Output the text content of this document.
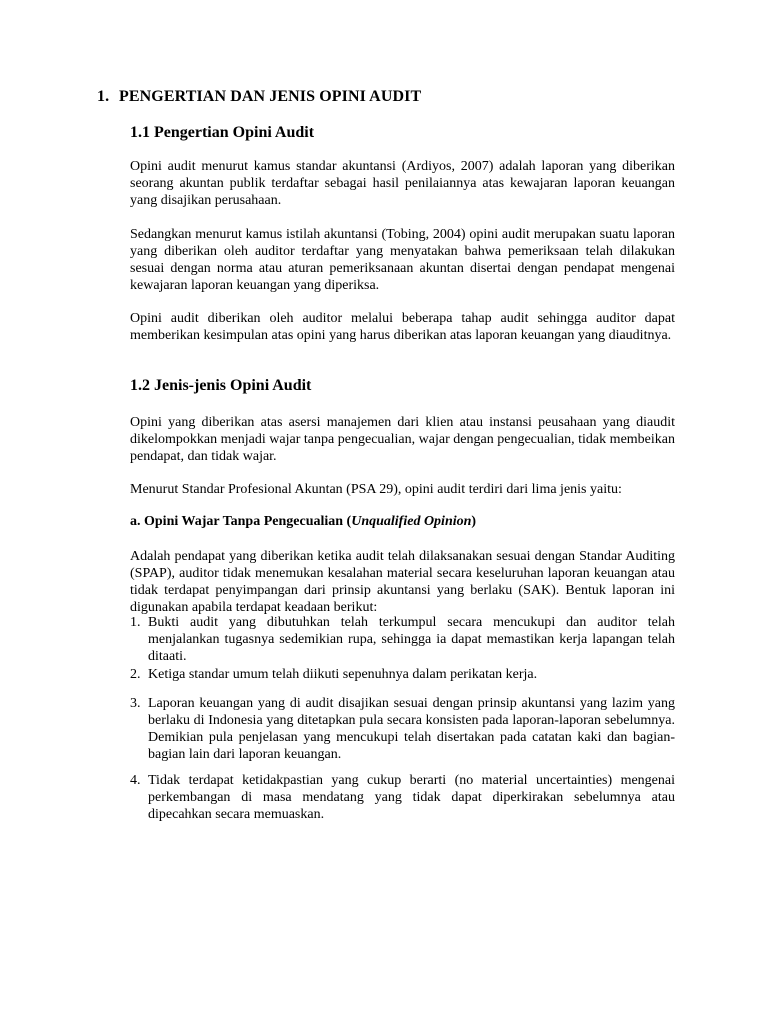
1. PENGERTIAN DAN JENIS OPINI AUDIT
1.1 Pengertian Opini Audit
Opini audit menurut kamus standar akuntansi (Ardiyos, 2007) adalah laporan yang diberikan seorang akuntan publik terdaftar sebagai hasil penilaiannya atas kewajaran laporan keuangan yang disajikan perusahaan.
Sedangkan menurut kamus istilah akuntansi (Tobing, 2004) opini audit merupakan suatu laporan yang diberikan oleh auditor terdaftar yang menyatakan bahwa pemeriksaan telah dilakukan sesuai dengan norma atau aturan pemeriksanaan akuntan disertai dengan pendapat mengenai kewajaran laporan keuangan yang diperiksa.
Opini audit diberikan oleh auditor melalui beberapa tahap audit sehingga auditor dapat memberikan kesimpulan atas opini yang harus diberikan atas laporan keuangan yang diauditnya.
1.2 Jenis-jenis Opini Audit
Opini yang diberikan atas asersi manajemen dari klien atau instansi peusahaan yang diaudit dikelompokkan menjadi wajar tanpa pengecualian, wajar dengan pengecualian, tidak membeikan pendapat, dan tidak wajar.
Menurut Standar Profesional Akuntan (PSA 29), opini audit terdiri dari lima jenis yaitu:
a. Opini Wajar Tanpa Pengecualian (Unqualified Opinion)
Adalah pendapat yang diberikan ketika audit telah dilaksanakan sesuai dengan Standar Auditing (SPAP), auditor tidak menemukan kesalahan material secara keseluruhan laporan keuangan atau tidak terdapat penyimpangan dari prinsip akuntansi yang berlaku (SAK). Bentuk laporan ini digunakan apabila terdapat keadaan berikut:
1. Bukti audit yang dibutuhkan telah terkumpul secara mencukupi dan auditor telah menjalankan tugasnya sedemikian rupa, sehingga ia dapat memastikan kerja lapangan telah ditaati.
2. Ketiga standar umum telah diikuti sepenuhnya dalam perikatan kerja.
3. Laporan keuangan yang di audit disajikan sesuai dengan prinsip akuntansi yang lazim yang berlaku di Indonesia yang ditetapkan pula secara konsisten pada laporan-laporan sebelumnya. Demikian pula penjelasan yang mencukupi telah disertakan pada catatan kaki dan bagian-bagian lain dari laporan keuangan.
4. Tidak terdapat ketidakpastian yang cukup berarti (no material uncertainties) mengenai perkembangan di masa mendatang yang tidak dapat diperkirakan sebelumnya atau dipecahkan secara memuaskan.
